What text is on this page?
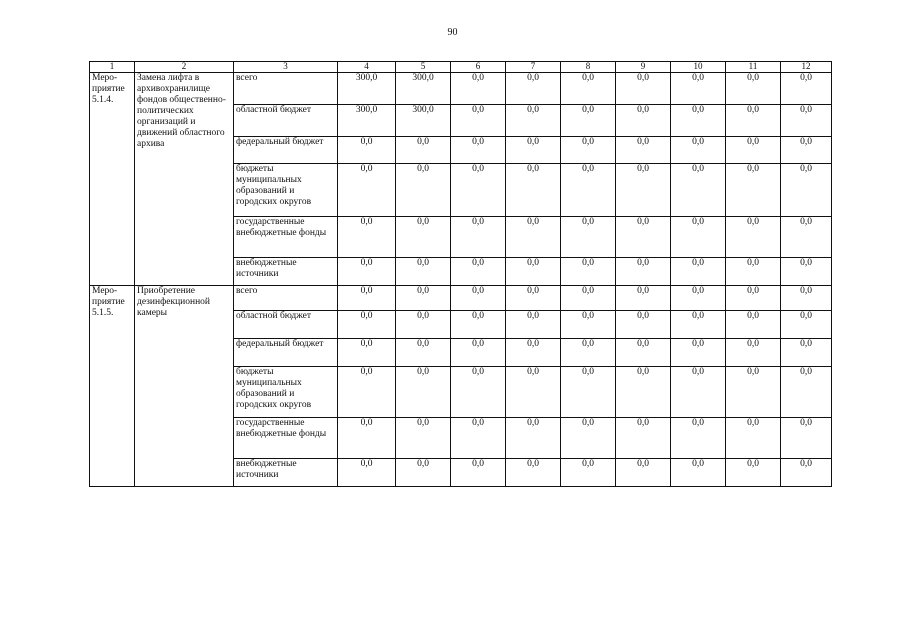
90
1	2	3	4	5	6	7	8	9	10	11	12

Меро-
приятие
5.1.4.	Замена лифта в архивохранилище фондов общественно-политических организаций и движений областного архива	всего	300,0	300,0	0,0	0,0	0,0	0,0	0,0	0,0	0,0
		областной бюджет	300,0	300,0	0,0	0,0	0,0	0,0	0,0	0,0	0,0
		федеральный бюджет	0,0	0,0	0,0	0,0	0,0	0,0	0,0	0,0	0,0
		бюджеты муниципальных образований и городских округов	0,0	0,0	0,0	0,0	0,0	0,0	0,0	0,0	0,0
		государственные внебюджетные фонды	0,0	0,0	0,0	0,0	0,0	0,0	0,0	0,0	0,0
		внебюджетные источники	0,0	0,0	0,0	0,0	0,0	0,0	0,0	0,0	0,0

Меро-
приятие
5.1.5.	Приобретение дезинфекционной камеры	всего	0,0	0,0	0,0	0,0	0,0	0,0	0,0	0,0	0,0
		областной бюджет	0,0	0,0	0,0	0,0	0,0	0,0	0,0	0,0	0,0
		федеральный бюджет	0,0	0,0	0,0	0,0	0,0	0,0	0,0	0,0	0,0
		бюджеты муниципальных образований и городских округов	0,0	0,0	0,0	0,0	0,0	0,0	0,0	0,0	0,0
		государственные внебюджетные фонды	0,0	0,0	0,0	0,0	0,0	0,0	0,0	0,0	0,0
		внебюджетные источники	0,0	0,0	0,0	0,0	0,0	0,0	0,0	0,0	0,0
